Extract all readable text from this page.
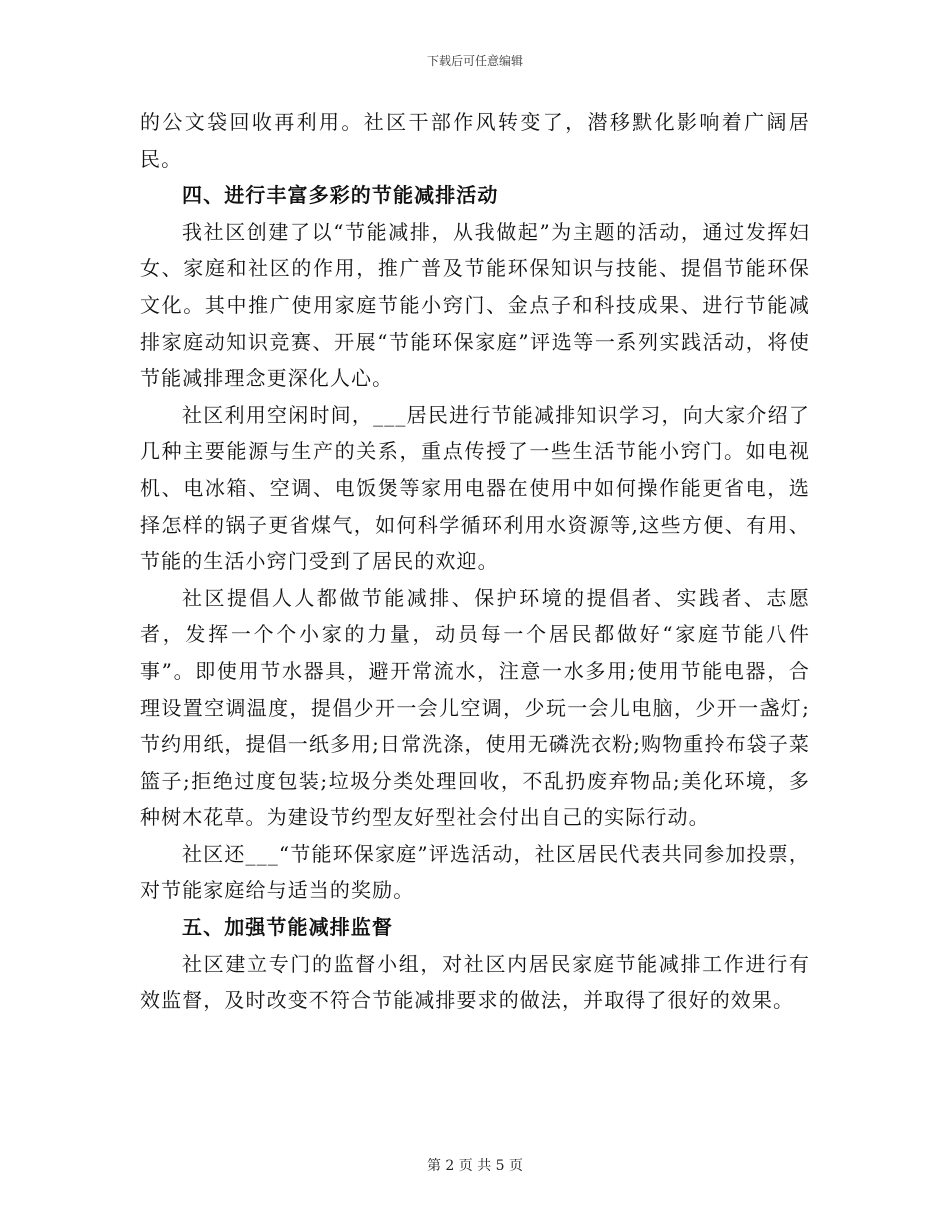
下载后可任意编辑

的公文袋回收再利用。社区干部作风转变了，潜移默化影响着广阔居民。

四、进行丰富多彩的节能减排活动

我社区创建了以“节能减排，从我做起”为主题的活动，通过发挥妇女、家庭和社区的作用，推广普及节能环保知识与技能、提倡节能环保文化。其中推广使用家庭节能小窍门、金点子和科技成果、进行节能减排家庭动知识竞赛、开展“节能环保家庭”评选等一系列实践活动，将使节能减排理念更深化人心。

社区利用空闲时间，___居民进行节能减排知识学习，向大家介绍了几种主要能源与生产的关系，重点传授了一些生活节能小窍门。如电视机、电冰箱、空调、电饭煲等家用电器在使用中如何操作能更省电，选择怎样的锅子更省煤气，如何科学循环利用水资源等,这些方便、有用、节能的生活小窍门受到了居民的欢迎。

社区提倡人人都做节能减排、保护环境的提倡者、实践者、志愿者，发挥一个个小家的力量，动员每一个居民都做好“家庭节能八件事”。即使用节水器具，避开常流水，注意一水多用;使用节能电器，合理设置空调温度，提倡少开一会儿空调，少玩一会儿电脑，少开一盏灯;节约用纸，提倡一纸多用;日常洗涤，使用无磷洗衣粉;购物重拎布袋子菜篮子;拒绝过度包装;垃圾分类处理回收，不乱扔废弃物品;美化环境，多种树木花草。为建设节约型友好型社会付出自己的实际行动。

社区还___“节能环保家庭”评选活动，社区居民代表共同参加投票，对节能家庭给与适当的奖励。

五、加强节能减排监督

社区建立专门的监督小组，对社区内居民家庭节能减排工作进行有效监督，及时改变不符合节能减排要求的做法，并取得了很好的效果。

第 2 页 共 5 页
